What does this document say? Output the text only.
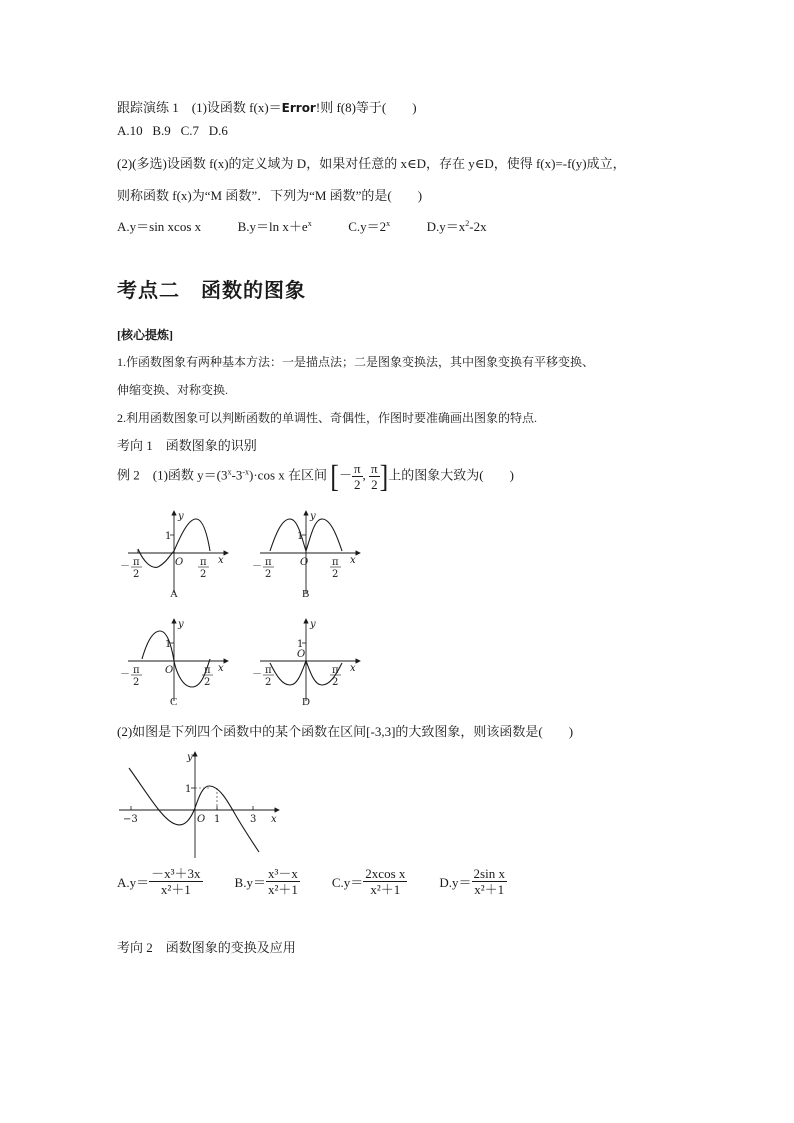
跟踪演练 1　(1)设函数 f(x)＝Error!则 f(8)等于(　　)
A.10 B.9 C.7 D.6
(2)(多选)设函数 f(x)的定义域为 D，如果对任意的 x∈D，存在 y∈D，使得 f(x)=-f(y)成立，
则称函数 f(x)为“M 函数”．下列为“M 函数”的是(　　)
A.y＝sin xcos x	B.y＝ln $x+e^x$	$C.y=2^x$	$D.y=x^2-2x$
考点二　函数的图象
[核心提炼]
1.作函数图象有两种基本方法：一是描点法；二是图象变换法，其中图象变换有平移变换、
伸缩变换、对称变换.
2.利用函数图象可以判断函数的单调性、奇偶性，作图时要准确画出图象的特点.
考向 1　函数图象的识别
例 2　(1)函数 $y=(3^x-3^{-x})\cdot\cos$ x 在区间 [－ $\frac{\pi}{2}$ , $\frac{\pi}{2}$ ]上的图象大致为(　　)
y
x
O
1
－ π
2
π
2
A
y
x
O
1
－ π
2
π
2
B
y
x
O
1
－ π
2
π
2
C
y
x
O
1
－ π
2
π
2
D
(2)如图是下列四个函数中的某个函数在区间[-3,3]的大致图象，则该函数是(　　)
y
x
O
−3	3
1
1
$A.y= \frac{\text{－x³＋3x}}{\text{x²＋1}} B.y= \frac{\text{x³－x}}{\text{x²＋1}} C.y= \frac{\text{2xcos x}}{\text{x²＋1}} D.y= \frac{\text{2sin x}}{\text{x²＋1}}$
考向 2　函数图象的变换及应用
